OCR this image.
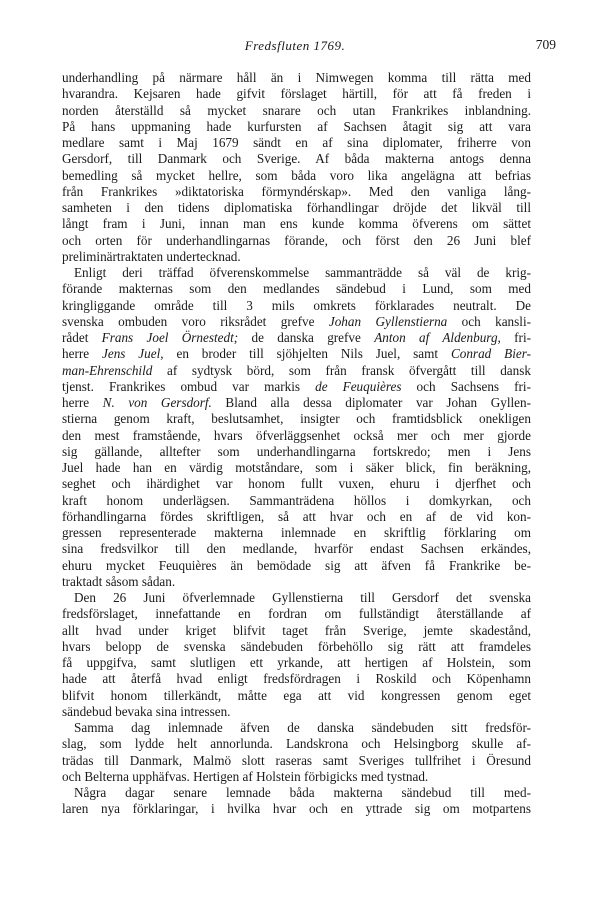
Fredsfluten 1769.	709
underhandling på närmare håll än i Nimwegen komma till rätta med
hvarandra. Kejsaren hade gifvit förslaget härtill, för att få freden i
norden återställd så mycket snarare och utan Frankrikes inblandning.
På hans uppmaning hade kurfursten af Sachsen åtagit sig att vara
medlare samt i Maj 1679 sändt en af sina diplomater, friherre von
Gersdorf, till Danmark och Sverige. Af båda makterna antogs denna
bemedling så mycket hellre, som båda voro lika angelägna att befrias
från Frankrikes »diktatoriska förmyndérskap». Med den vanliga lång-
samheten i den tidens diplomatiska förhandlingar dröjde det likväl till
långt fram i Juni, innan man ens kunde komma öfverens om sättet
och orten för underhandlingarnas förande, och först den 26 Juni blef
preliminärtraktaten undertecknad.
Enligt deri träffad öfverenskommelse sammanträdde så väl de krig-
förande makternas som den medlandes sändebud i Lund, som med
kringliggande område till 3 mils omkrets förklarades neutralt. De
svenska ombuden voro riksrådet grefve Johan Gyllenstierna och kansli-
rådet Frans Joel Örnestedt; de danska grefve Anton af Aldenburg, fri-
herre Jens Juel, en broder till sjöhjelten Nils Juel, samt Conrad Bier-
man-Ehrenschild af sydtysk börd, som från fransk öfvergått till dansk
tjenst. Frankrikes ombud var markis de Feuquières och Sachsens fri-
herre N. von Gersdorf. Bland alla dessa diplomater var Johan Gyllen-
stierna genom kraft, beslutsamhet, insigter och framtidsblick onekligen
den mest framstående, hvars öfverläggsenhet också mer och mer gjorde
sig gällande, alltefter som underhandlingarna fortskredo; men i Jens
Juel hade han en värdig motståndare, som i säker blick, fin beräkning,
seghet och ihärdighet var honom fullt vuxen, ehuru i djerfhet och
kraft honom underlägsen. Sammanträdena höllos i domkyrkan, och
förhandlingarna fördes skriftligen, så att hvar och en af de vid kon-
gressen representerade makterna inlemnade en skriftlig förklaring om
sina fredsvilkor till den medlande, hvarför endast Sachsen erkändes,
ehuru mycket Feuquières än bemödade sig att äfven få Frankrike be-
traktadt såsom sådan.
Den 26 Juni öfverlemnade Gyllenstierna till Gersdorf det svenska
fredsförslaget, innefattande en fordran om fullständigt återställande af
allt hvad under kriget blifvit taget från Sverige, jemte skadestånd,
hvars belopp de svenska sändebuden förbehöllo sig rätt att framdeles
få uppgifva, samt slutligen ett yrkande, att hertigen af Holstein, som
hade att återfå hvad enligt fredsfördragen i Roskild och Köpenhamn
blifvit honom tillerkändt, måtte ega att vid kongressen genom eget
sändebud bevaka sina intressen.
Samma dag inlemnade äfven de danska sändebuden sitt fredsför-
slag, som lydde helt annorlunda. Landskrona och Helsingborg skulle af-
trädas till Danmark, Malmö slott raseras samt Sveriges tullfrihet i Öresund
och Belterna upphäfvas. Hertigen af Holstein förbigicks med tystnad.
Några dagar senare lemnade båda makterna sändebud till med-
laren nya förklaringar, i hvilka hvar och en yttrade sig om motpartens
